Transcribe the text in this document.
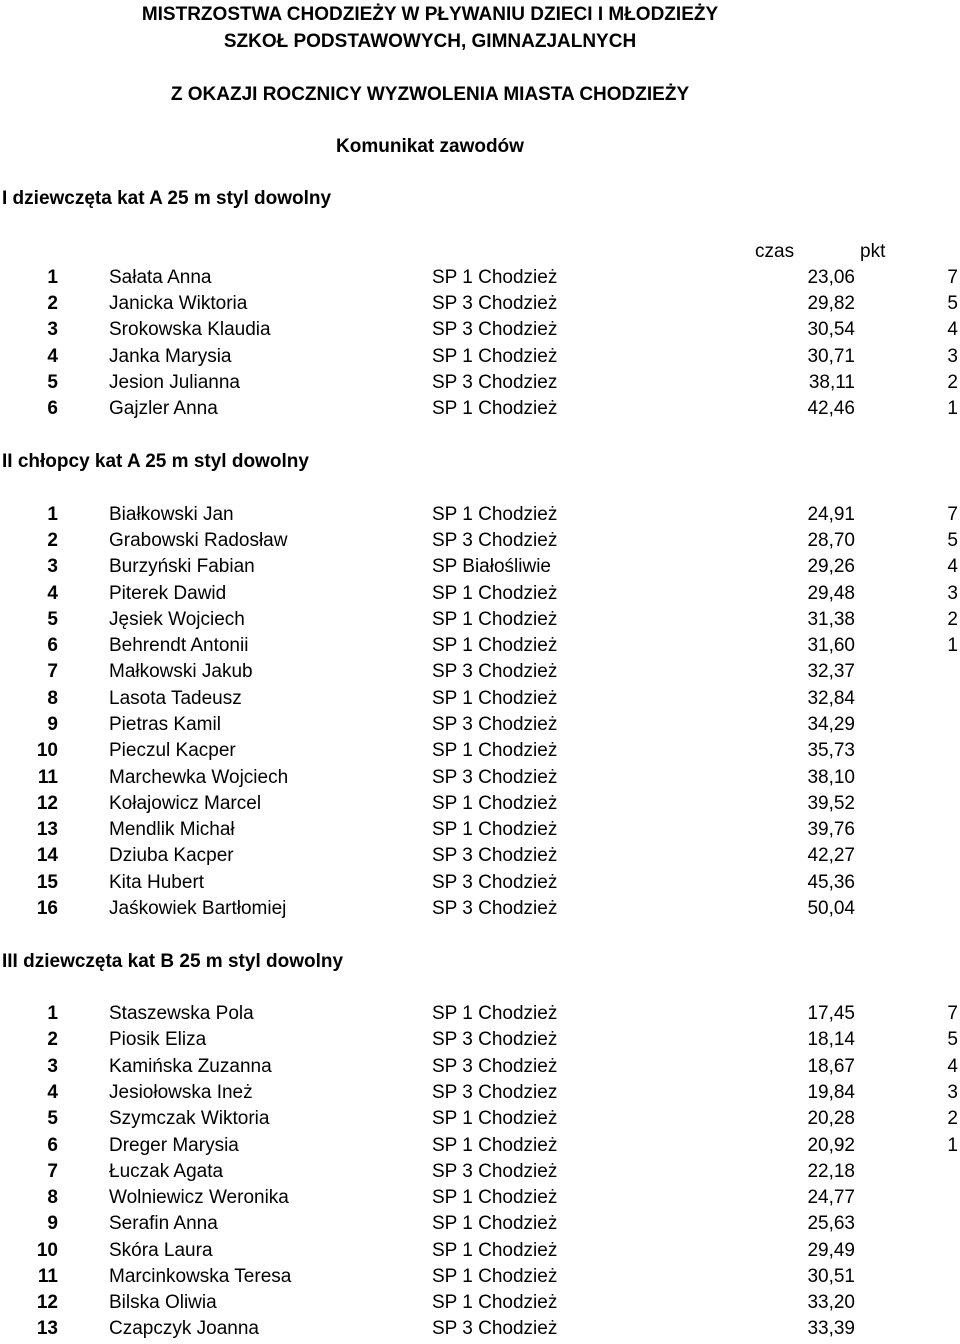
MISTRZOSTWA CHODZIEŻY W PŁYWANIU DZIECI I MŁODZIEŻY
SZKOŁ PODSTAWOWYCH, GIMNAZJALNYCH
Z OKAZJI ROCZNICY WYZWOLENIA MIASTA CHODZIEŻY
Komunikat zawodów
I dziewczęta kat A 25 m styl dowolny
czas	pkt
II chłopcy kat A 25 m styl dowolny
III dziewczęta kat B 25 m styl dowolny
1	Sałata Anna	SP 1 Chodzież	23,06	7
2	Janicka Wiktoria	SP 3 Chodzież	29,82	5
3	Srokowska Klaudia	SP 3 Chodzież	30,54	4
4	Janka Marysia	SP 1 Chodzież	30,71	3
5	Jesion Julianna	SP 3 Chodziez	38,11	2
6	Gajzler Anna	SP 1 Chodzież	42,46	1
1	Białkowski Jan	SP 1 Chodzież	24,91	7
2	Grabowski Radosław	SP 3 Chodzież	28,70	5
3	Burzyński Fabian	SP Białośliwie	29,26	4
4	Piterek Dawid	SP 1 Chodzież	29,48	3
5	Jęsiek Wojciech	SP 1 Chodzież	31,38	2
6	Behrendt Antonii	SP 1 Chodzież	31,60	1
7	Małkowski Jakub	SP 3 Chodzież	32,37
8	Lasota Tadeusz	SP 1 Chodzież	32,84
9	Pietras Kamil	SP 3 Chodzież	34,29
10	Pieczul Kacper	SP 1 Chodzież	35,73
11	Marchewka Wojciech	SP 3 Chodzież	38,10
12	Kołajowicz Marcel	SP 1 Chodzież	39,52
13	Mendlik Michał	SP 1 Chodzież	39,76
14	Dziuba Kacper	SP 3 Chodzież	42,27
15	Kita Hubert	SP 3 Chodzież	45,36
16	Jaśkowiek Bartłomiej	SP 3 Chodzież	50,04
1	Staszewska Pola	SP 1 Chodzież	17,45	7
2	Piosik Eliza	SP 3 Chodzież	18,14	5
3	Kamińska Zuzanna	SP 3 Chodzież	18,67	4
4	Jesiołowska Ineż	SP 3 Chodziez	19,84	3
5	Szymczak Wiktoria	SP 1 Chodzież	20,28	2
6	Dreger Marysia	SP 1 Chodzież	20,92	1
7	Łuczak Agata	SP 3 Chodzież	22,18
8	Wolniewicz Weronika	SP 1 Chodzież	24,77
9	Serafin Anna	SP 1 Chodzież	25,63
10	Skóra Laura	SP 1 Chodzież	29,49
11	Marcinkowska Teresa	SP 1 Chodzież	30,51
12	Bilska Oliwia	SP 1 Chodzież	33,20
13	Czapczyk Joanna	SP 3 Chodzież	33,39
